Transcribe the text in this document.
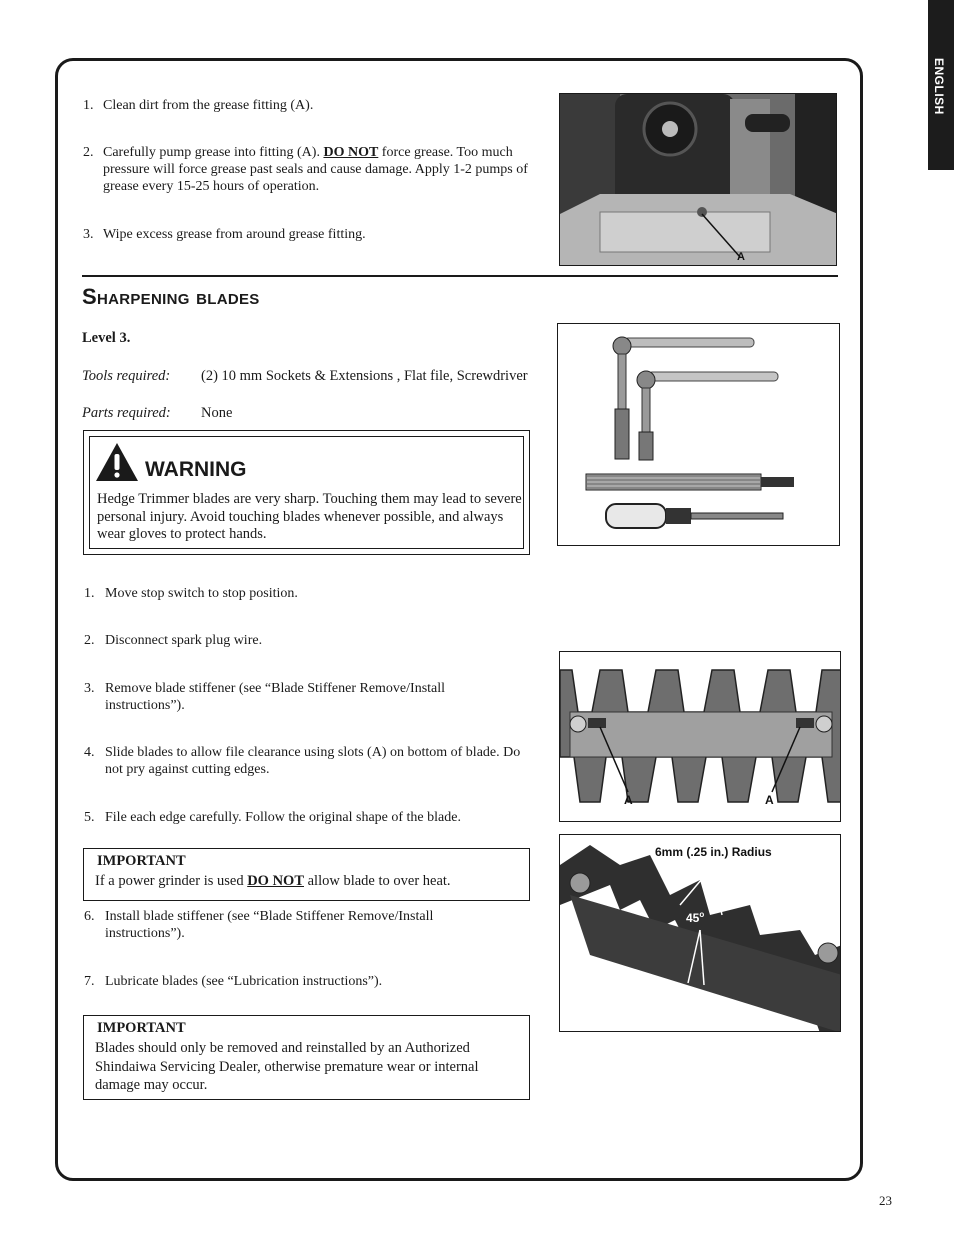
ENGLISH
1. Clean dirt from the grease fitting (A).
2. Carefully pump grease into fitting (A). DO NOT force grease. Too much pressure will force grease past seals and cause damage. Apply 1-2 pumps of grease every 15-25 hours of operation.
3. Wipe excess grease from around grease fitting.
A
Sharpening blades
Level 3.
Tools required: (2) 10 mm Sockets & Extensions , Flat file, Screwdriver
Parts required: None
WARNING
Hedge Trimmer blades are very sharp. Touching them may lead to severe personal injury. Avoid touching blades whenever possible, and always wear gloves to protect hands.
1. Move stop switch to stop position.
2. Disconnect spark plug wire.
3. Remove blade stiffener (see “Blade Stiffener Remove/Install instructions”).
4. Slide blades to allow file clearance using slots (A) on bottom of blade. Do not pry against cutting edges.
5. File each edge carefully. Follow the original shape of the blade.
IMPORTANT
If a power grinder is used DO NOT allow blade to over heat.
6. Install blade stiffener (see “Blade Stiffener Remove/Install instructions”).
7. Lubricate blades (see “Lubrication instructions”).
IMPORTANT
Blades should only be removed and reinstalled by an Authorized Shindaiwa Servicing Dealer, otherwise premature wear or internal damage may occur.
A	A
6mm (.25 in.) Radius
45$^o$
23
